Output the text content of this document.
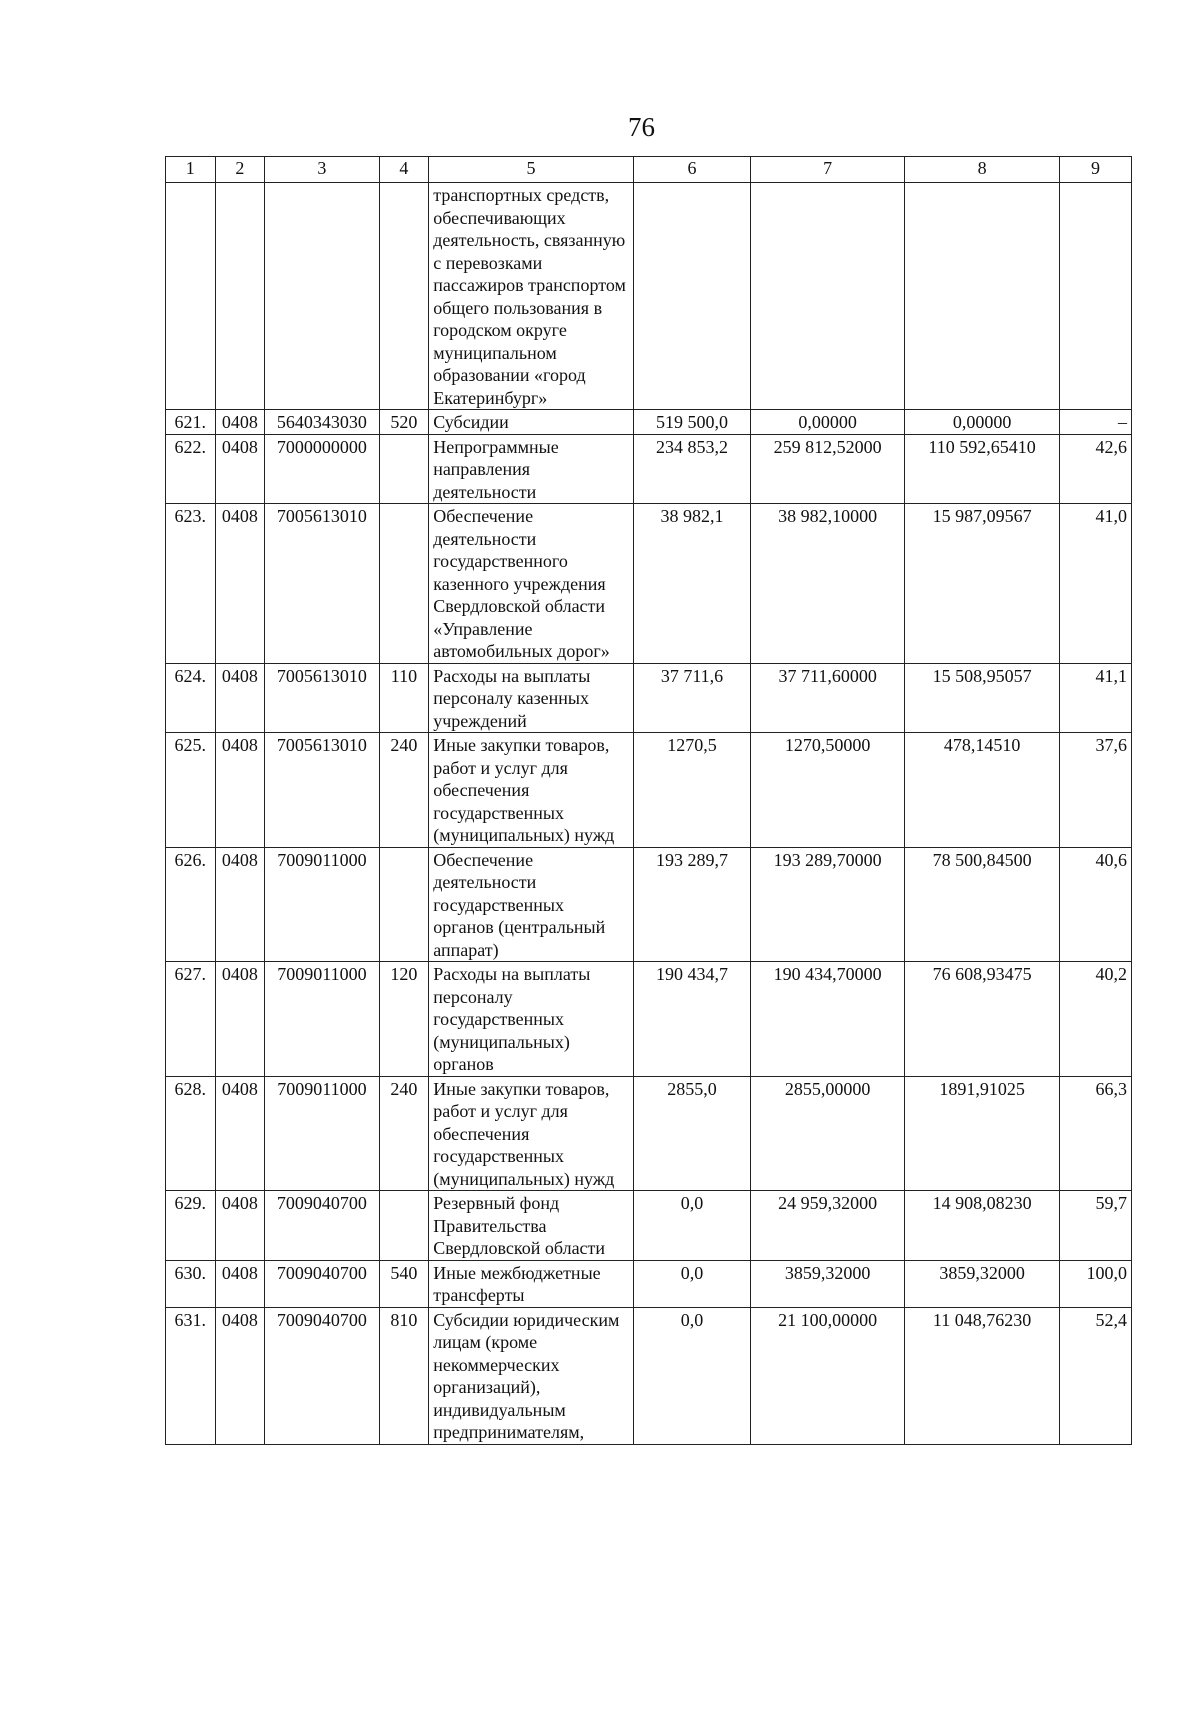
76
1	2	3	4	5	6	7	8	9
				транспортных средств, обеспечивающих деятельность, связанную с перевозками пассажиров транспортом общего пользования в городском округе муниципальном образовании «город Екатеринбург»				
621.	0408	5640343030	520	Субсидии	519 500,0	0,00000	0,00000	–
622.	0408	7000000000		Непрограммные направления деятельности	234 853,2	259 812,52000	110 592,65410	42,6
623.	0408	7005613010		Обеспечение деятельности государственного казенного учреждения Свердловской области «Управление автомобильных дорог»	38 982,1	38 982,10000	15 987,09567	41,0
624.	0408	7005613010	110	Расходы на выплаты персоналу казенных учреждений	37 711,6	37 711,60000	15 508,95057	41,1
625.	0408	7005613010	240	Иные закупки товаров, работ и услуг для обеспечения государственных (муниципальных) нужд	1270,5	1270,50000	478,14510	37,6
626.	0408	7009011000		Обеспечение деятельности государственных органов (центральный аппарат)	193 289,7	193 289,70000	78 500,84500	40,6
627.	0408	7009011000	120	Расходы на выплаты персоналу государственных (муниципальных) органов	190 434,7	190 434,70000	76 608,93475	40,2
628.	0408	7009011000	240	Иные закупки товаров, работ и услуг для обеспечения государственных (муниципальных) нужд	2855,0	2855,00000	1891,91025	66,3
629.	0408	7009040700		Резервный фонд Правительства Свердловской области	0,0	24 959,32000	14 908,08230	59,7
630.	0408	7009040700	540	Иные межбюджетные трансферты	0,0	3859,32000	3859,32000	100,0
631.	0408	7009040700	810	Субсидии юридическим лицам (кроме некоммерческих организаций), индивидуальным предпринимателям,	0,0	21 100,00000	11 048,76230	52,4
